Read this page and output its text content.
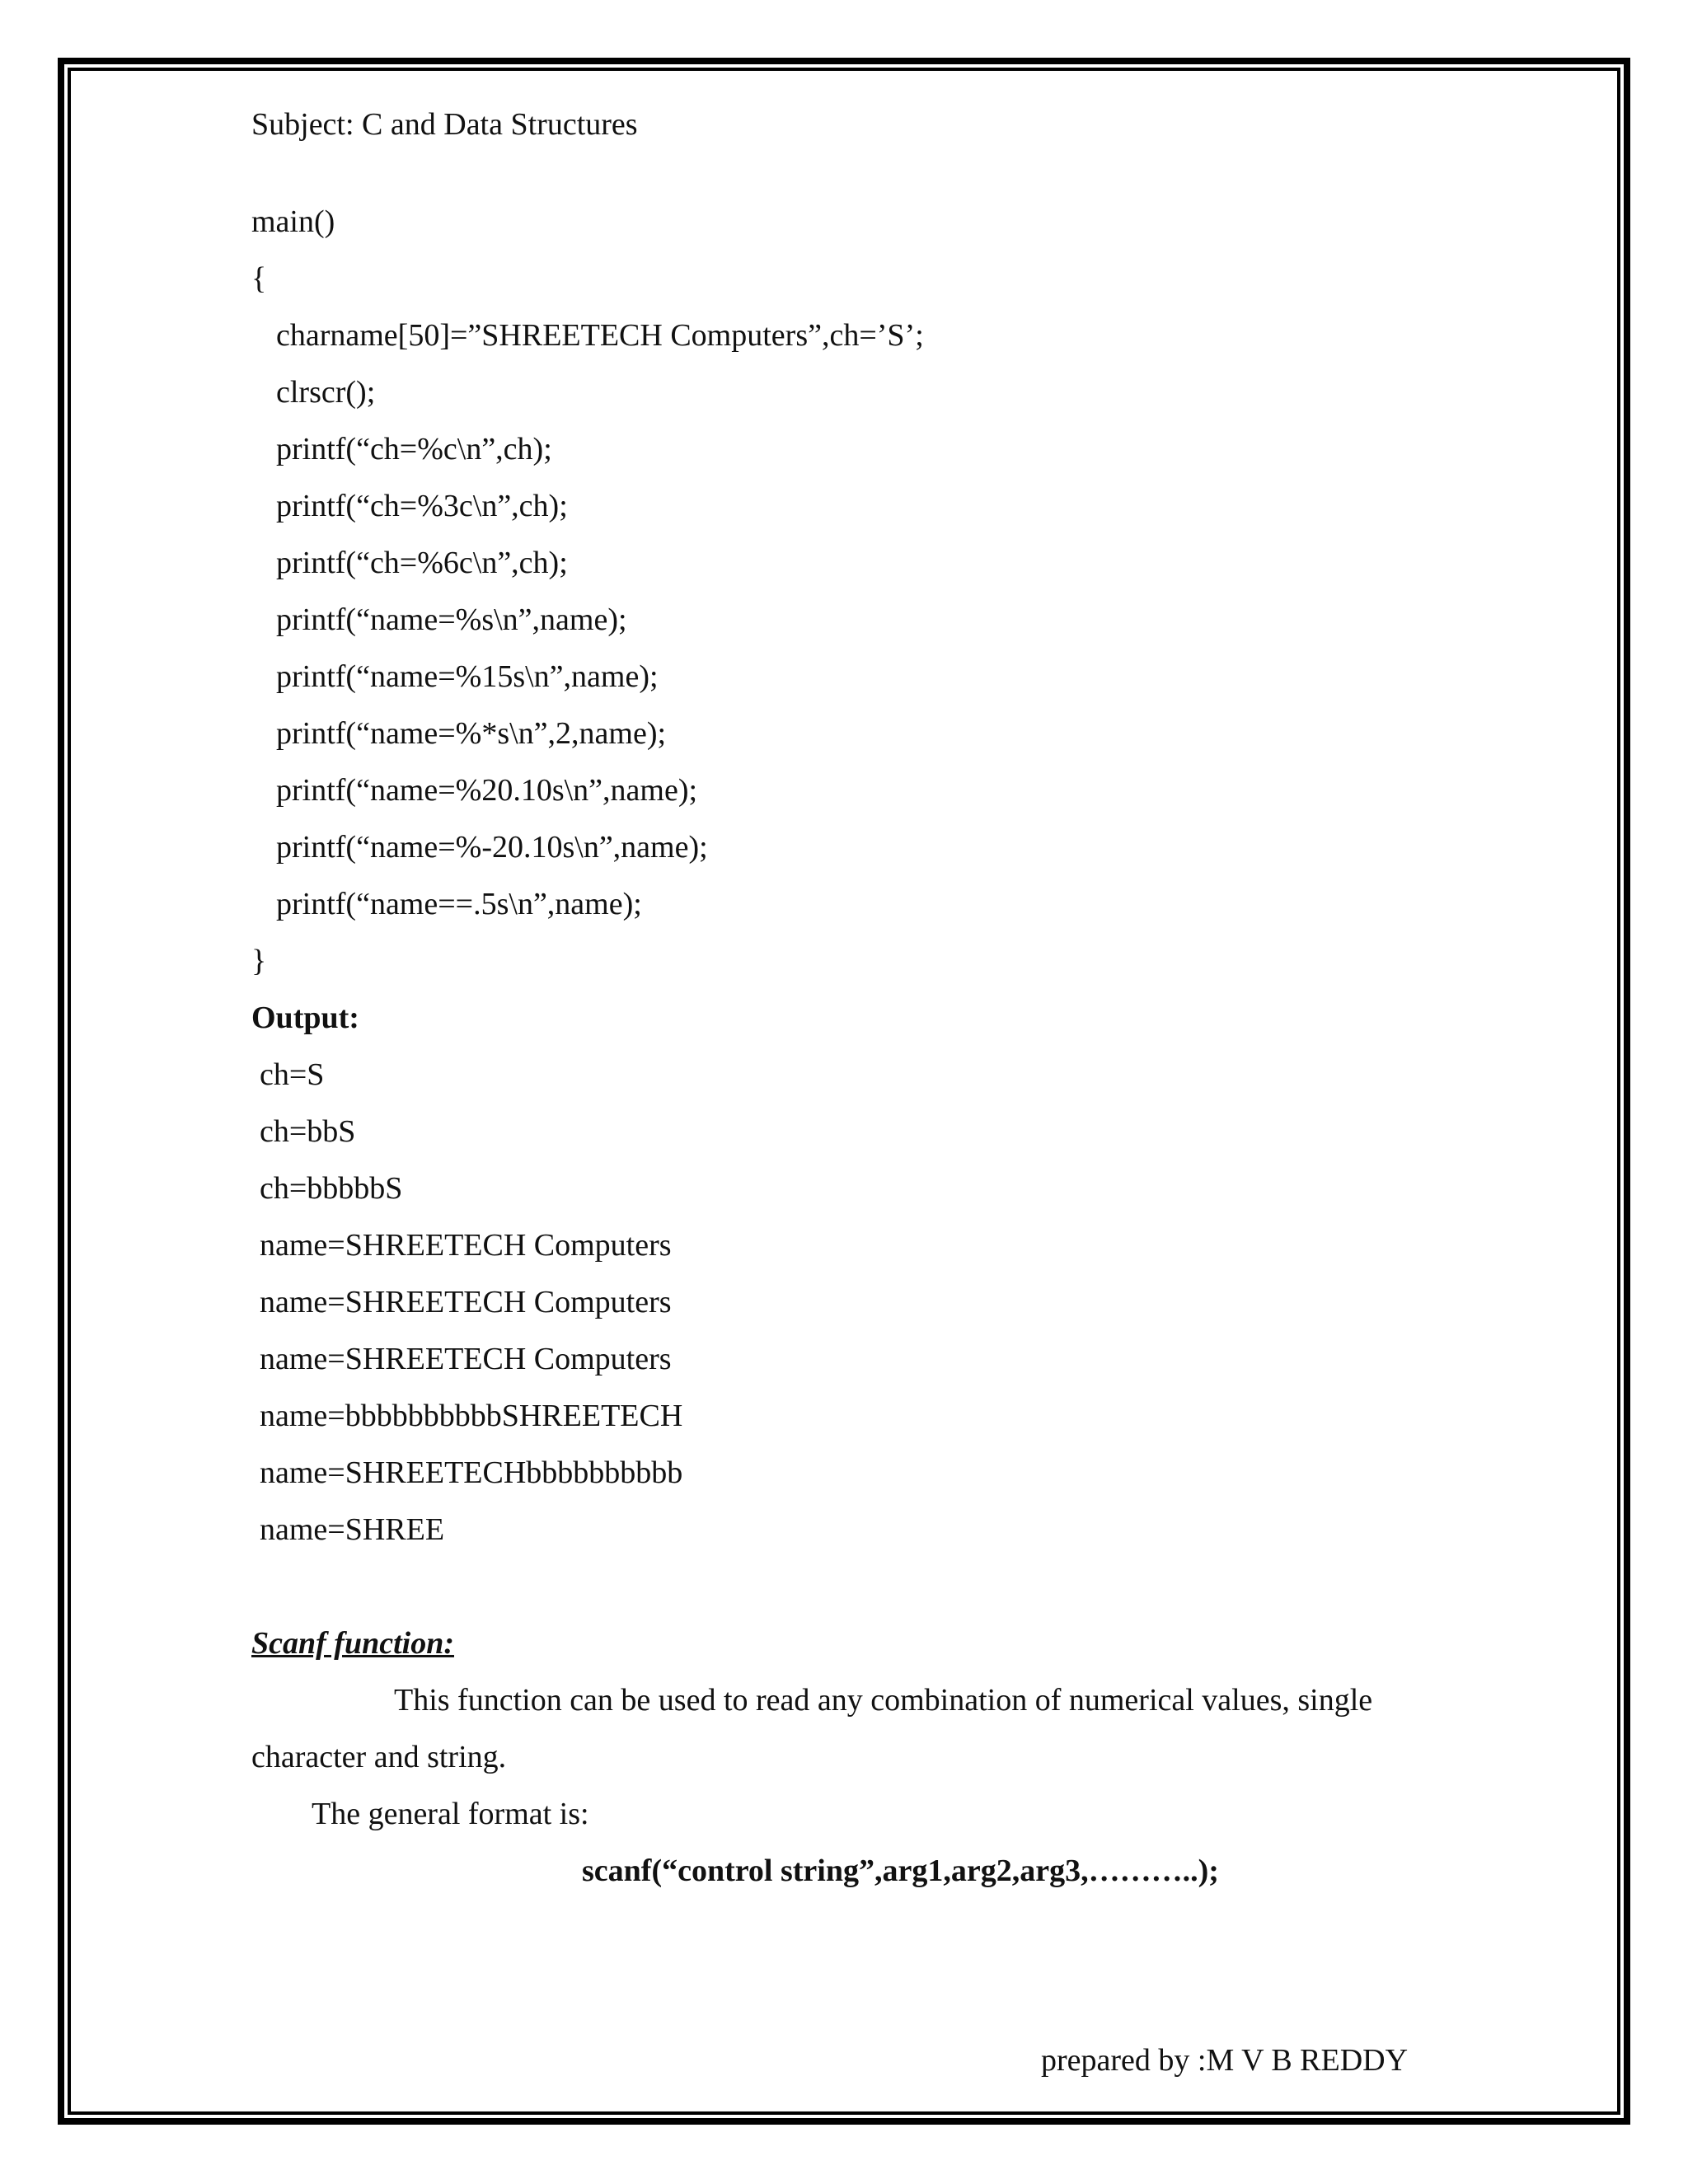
Subject: C and Data Structures
main()
{
charname[50]=”SHREETECH Computers”,ch=’S’;
clrscr();
printf(“ch=%c\n”,ch);
printf(“ch=%3c\n”,ch);
printf(“ch=%6c\n”,ch);
printf(“name=%s\n”,name);
printf(“name=%15s\n”,name);
printf(“name=%*s\n”,2,name);
printf(“name=%20.10s\n”,name);
printf(“name=%-20.10s\n”,name);
printf(“name==.5s\n”,name);
}
Output:
ch=S
ch=bbS
ch=bbbbbS
name=SHREETECH Computers
name=SHREETECH Computers
name=SHREETECH Computers
name=bbbbbbbbbbSHREETECH
name=SHREETECHbbbbbbbbbb
name=SHREE
Scanf function:
This function can be used to read any combination of numerical values, single
character and string.
The general format is:
scanf(“control string”,arg1,arg2,arg3,………..);
prepared by :M V B REDDY
